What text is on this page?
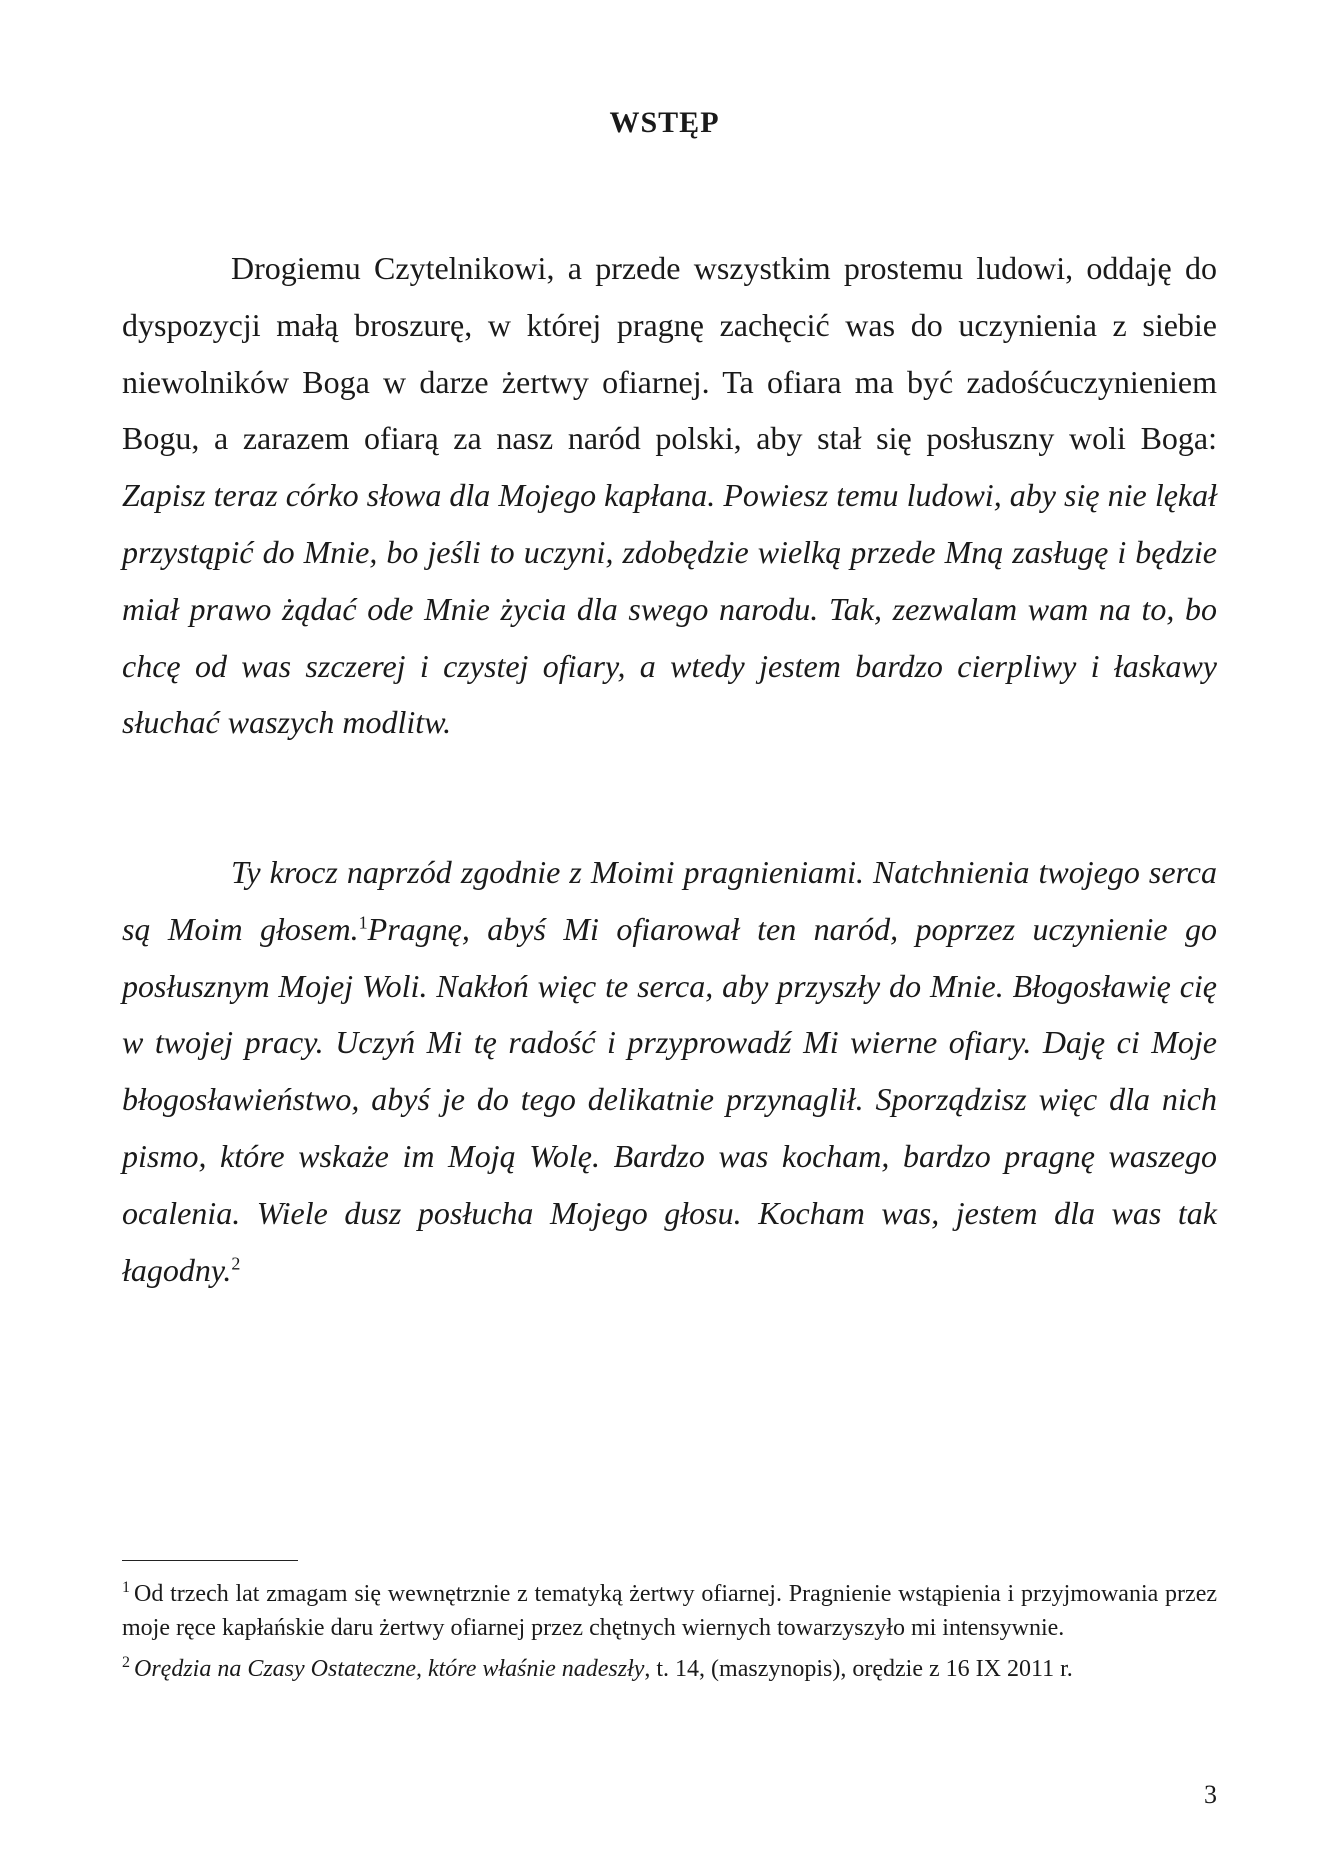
WSTĘP

Drogiemu Czytelnikowi, a przede wszystkim prostemu ludowi, oddaję do dyspozycji małą broszurę, w której pragnę zachęcić was do uczynienia z siebie niewolników Boga w darze żertwy ofiarnej. Ta ofiara ma być zadośćuczynieniem Bogu, a zarazem ofiarą za nasz naród polski, aby stał się posłuszny woli Boga: Zapisz teraz córko słowa dla Mojego kapłana. Powiesz temu ludowi, aby się nie lękał przystąpić do Mnie, bo jeśli to uczyni, zdobędzie wielką przede Mną zasługę i będzie miał prawo żądać ode Mnie życia dla swego narodu. Tak, zezwalam wam na to, bo chcę od was szczerej i czystej ofiary, a wtedy jestem bardzo cierpliwy i łaskawy słuchać waszych modlitw.

Ty krocz naprzód zgodnie z Moimi pragnieniami. Natchnienia twojego serca są Moim głosem.$^1$Pragnę, abyś Mi ofiarował ten naród, poprzez uczynienie go posłusznym Mojej Woli. Nakłoń więc te serca, aby przyszły do Mnie. Błogosławię cię w twojej pracy. Uczyń Mi tę radość i przyprowadź Mi wierne ofiary. Daję ci Moje błogosławieństwo, abyś je do tego delikatnie przynaglił. Sporządzisz więc dla nich pismo, które wskaże im Moją Wolę. Bardzo was kocham, bardzo pragnę waszego ocalenia. Wiele dusz posłucha Mojego głosu. Kocham was, jestem dla was tak łagodny.$^2$

$^1$ Od trzech lat zmagam się wewnętrznie z tematyką żertwy ofiarnej. Pragnienie wstąpienia i przyjmowania przez moje ręce kapłańskie daru żertwy ofiarnej przez chętnych wiernych towarzyszyło mi intensywnie.

$^2$ Orędzia na Czasy Ostateczne, które właśnie nadeszły, t. 14, (maszynopis), orędzie z 16 IX 2011 r.

3
